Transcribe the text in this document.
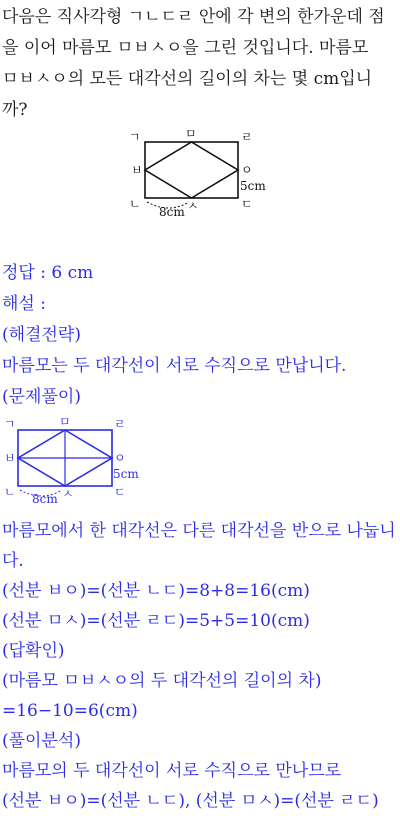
다음은 직사각형 ㄱㄴㄷㄹ 안에 각 변의 한가운데 점
을 이어 마름모 ㅁㅂㅅㅇ을 그린 것입니다. 마름모
ㅁㅂㅅㅇ의 모든 대각선의 길이의 차는 몇 cm입니
까?
ㄱ	ㅁ	ㄹ
ㅂ	ㅇ
ㄴ	ㅅ	ㄷ
8cm
5cm
정답 : 6 cm
해설 :
(해결전략)
마름모는 두 대각선이 서로 수직으로 만납니다.
(문제풀이)
ㄱ	ㅁ	ㄹ
ㅂ	ㅇ
ㄴ	ㅅ	ㄷ
8cm
5cm
마름모에서 한 대각선은 다른 대각선을 반으로 나눕니
다.
(선분 ㅂㅇ)=(선분 ㄴㄷ)=8+8=16(cm)
(선분 ㅁㅅ)=(선분 ㄹㄷ)=5+5=10(cm)
(답확인)
(마름모 ㅁㅂㅅㅇ의 두 대각선의 길이의 차)
=16−10=6(cm)
(풀이분석)
마름모의 두 대각선이 서로 수직으로 만나므로
(선분 ㅂㅇ)=(선분 ㄴㄷ), (선분 ㅁㅅ)=(선분 ㄹㄷ)
